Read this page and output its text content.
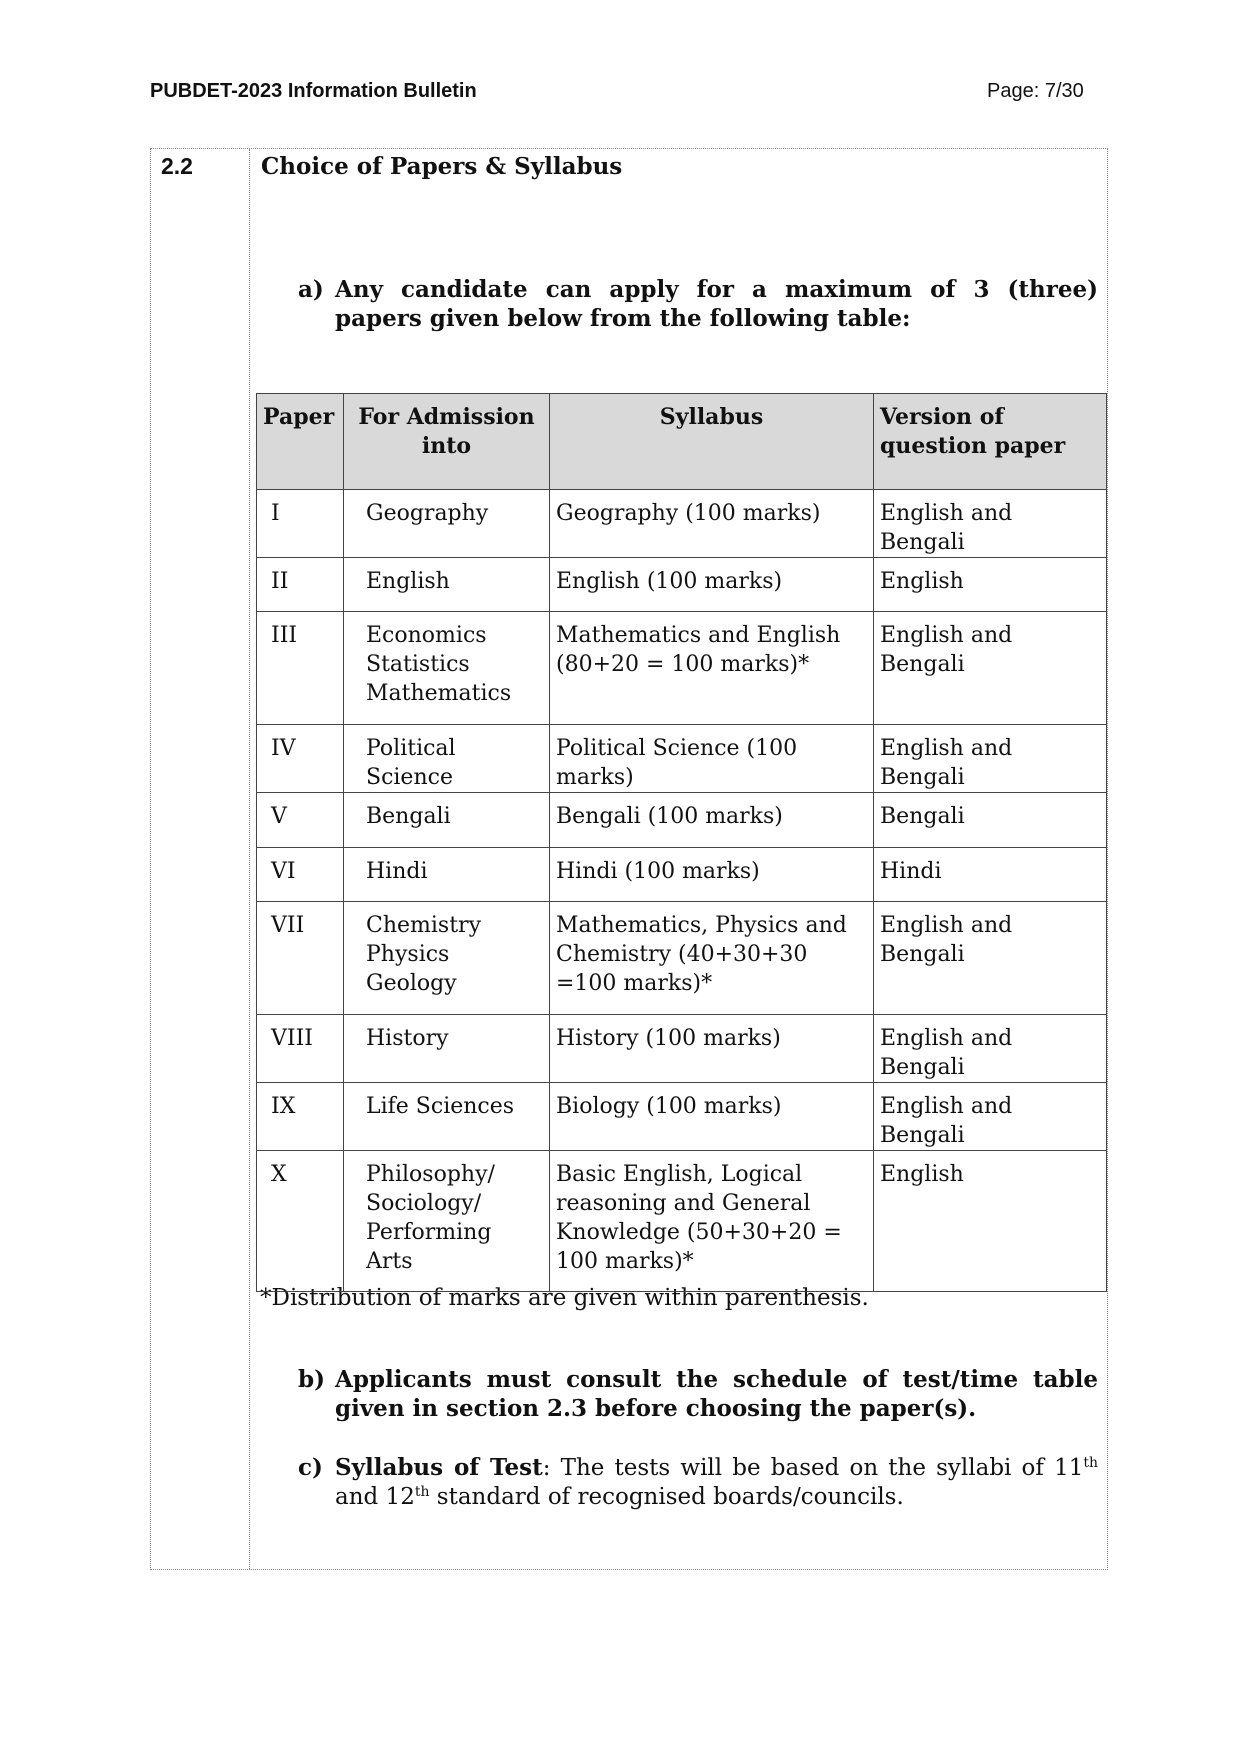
PUBDET-2023 Information Bulletin	Page: 7/30
2.2	Choice of Papers & Syllabus
a) Any candidate can apply for a maximum of 3 (three) papers given below from the following table:
*Distribution of marks are given within parenthesis.
b) Applicants must consult the schedule of test/time table given in section 2.3 before choosing the paper(s).
c) Syllabus of Test: The tests will be based on the syllabi of 11th and 12th standard of recognised boards/councils.
Paper	For Admission into	Syllabus	Version of question paper
I	Geography	Geography (100 marks)	English and Bengali
II	English	English (100 marks)	English
III	Economics
Statistics
Mathematics	Mathematics and English (80+20 = 100 marks)*	English and Bengali
IV	Political Science	Political Science (100 marks)	English and Bengali
V	Bengali	Bengali (100 marks)	Bengali
VI	Hindi	Hindi (100 marks)	Hindi
VII	Chemistry
Physics
Geology	Mathematics, Physics and Chemistry (40+30+30 =100 marks)*	English and Bengali
VIII	History	History (100 marks)	English and Bengali
IX	Life Sciences	Biology (100 marks)	English and Bengali
X	Philosophy/
Sociology/
Performing Arts	Basic English, Logical reasoning and General Knowledge (50+30+20 = 100 marks)*	English
